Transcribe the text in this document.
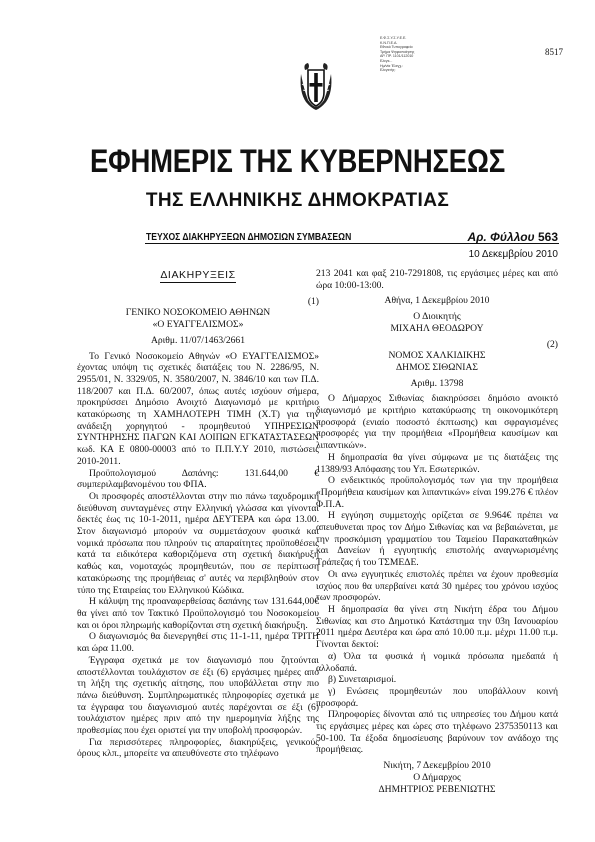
Ε.Φ.Σ.Υ.Σ.Υ.Ε.Ε.
Κ.Ν.Π.Ε.Α.
Εθνικό Τυπογραφείο
Τμήμα Ψηφιοποίησης
ΑΡ. ΠΡ. 1101/112010
Ελεγκ...
Ημ/νία Έλεγχ.:
Ελεγκτής:
8517
ΕΦΗΜΕΡΙΣ ΤΗΣ ΚΥΒΕΡΝΗΣΕΩΣ
ΤΗΣ ΕΛΛΗΝΙΚΗΣ ΔΗΜΟΚΡΑΤΙΑΣ
ΤΕΥΧΟΣ ΔΙΑΚΗΡΥΞΕΩΝ ΔΗΜΟΣΙΩΝ ΣΥΜΒΑΣΕΩΝ	Αρ. Φύλλου 563
10 Δεκεμβρίου 2010
ΔΙΑΚΗΡΥΞΕΙΣ

(1)

ΓΕΝΙΚΟ ΝΟΣΟΚΟΜΕΙΟ ΑΘΗΝΩΝ

«Ο ΕΥΑΓΓΕΛΙΣΜΟΣ»

Αριθμ. 11/07/1463/2661

Το Γενικό Νοσοκομείο Αθηνών «Ο ΕΥΑΓΓΕΛΙΣΜΟΣ» έχοντας υπόψη τις σχετικές διατάξεις του Ν. 2286/95, Ν. 2955/01, Ν. 3329/05, Ν. 3580/2007, Ν. 3846/10 και των Π.Δ. 118/2007 και Π.Δ. 60/2007, όπως αυτές ισχύουν σήμερα, προκηρύσσει Δημόσιο Ανοιχτό Διαγωνισμό με κριτήριο κατακύρωσης τη ΧΑΜΗΛΟΤΕΡΗ ΤΙΜΗ (Χ.Τ) για την ανάδειξη χορηγητού - προμηθευτού ΥΠΗΡΕΣΙΩΝ ΣΥΝΤΗΡΗΣΗΣ ΠΑΓΩΝ ΚΑΙ ΛΟΙΠΩΝ ΕΓΚΑΤΑΣΤΑΣΕΩΝ κωδ. ΚΑ Ε 0800-00003 από το Π.Π.Υ.Υ 2010, πιστώσεις 2010-2011.

Προϋπολογισμού Δαπάνης: 131.644,00 € συμπεριλαμβανομένου του ΦΠΑ.

Οι προσφορές αποστέλλονται στην πιο πάνω ταχυδρομική διεύθυνση συνταγμένες στην Ελληνική γλώσσα και γίνονται δεκτές έως τις 10-1-2011, ημέρα ΔΕΥΤΕΡΑ και ώρα 13.00. Στον διαγωνισμό μπορούν να συμμετάσχουν φυσικά και νομικά πρόσωπα που πληρούν τις απαραίτητες προϋποθέσεις κατά τα ειδικότερα καθοριζόμενα στη σχετική διακήρυξη καθώς και, νομοταχώς προμηθευτών, που σε περίπτωση κατακύρωσης της προμήθειας σ' αυτές να περιβληθούν στον τύπο της Εταιρείας του Ελληνικού Κώδικα.

Η κάλυψη της προαναφερθείσας δαπάνης των 131.644,00€ θα γίνει από τον Τακτικό Προϋπολογισμό του Νοσοκομείου και οι όροι πληρωμής καθορίζονται στη σχετική διακήρυξη.

Ο διαγωνισμός θα διενεργηθεί στις 11-1-11, ημέρα ΤΡΙΤΗ και ώρα 11.00.

Έγγραφα σχετικά με τον διαγωνισμό που ζητούνται αποστέλλονται τουλάχιστον σε έξι (6) εργάσιμες ημέρες από τη λήξη της σχετικής αίτησης, που υποβάλλεται στην πιο πάνω διεύθυνση. Συμπληρωματικές πληροφορίες σχετικά με τα έγγραφα του διαγωνισμού αυτές παρέχονται σε έξι (6) τουλάχιστον ημέρες πριν από την ημερομηνία λήξης της προθεσμίας που έχει οριστεί για την υποβολή προσφορών.

Για περισσότερες πληροφορίες, διακηρύξεις, γενικούς όρους κλπ., μπορείτε να απευθύνεστε στο τηλέφωνο

213 2041 και φαξ 210-7291808, τις εργάσιμες μέρες και από ώρα 10:00-13:00.

Αθήνα, 1 Δεκεμβρίου 2010

Ο Διοικητής

ΜΙΧΑΗΛ ΘΕΟΔΩΡΟΥ

(2)

ΝΟΜΟΣ ΧΑΛΚΙΔΙΚΗΣ

ΔΗΜΟΣ ΣΙΘΩΝΙΑΣ

Αριθμ. 13798

Ο Δήμαρχος Σιθωνίας διακηρύσσει δημόσιο ανοικτό διαγωνισμό με κριτήριο κατακύρωσης τη οικονομικότερη προσφορά (ενιαίο ποσοστό έκπτωσης) και σφραγισμένες προσφορές για την προμήθεια «Προμήθεια καυσίμων και λιπαντικών».

Η δημοπρασία θα γίνει σύμφωνα με τις διατάξεις της 11389/93 Απόφασης του Υπ. Εσωτερικών.

Ο ενδεικτικός προϋπολογισμός των για την προμήθεια «Προμήθεια καυσίμων και λιπαντικών» είναι 199.276 € πλέον Φ.Π.Α.

Η εγγύηση συμμετοχής ορίζεται σε 9.964€ πρέπει να απευθυνεται προς τον Δήμο Σιθωνίας και να βεβαιώνεται, με την προσκόμιση γραμματίου του Ταμείου Παρακαταθηκών και Δανείων ή εγγυητικής επιστολής αναγνωρισμένης Τράπεζας ή του ΤΣΜΕΔΕ.

Οι ανω εγγυητικές επιστολές πρέπει να έχουν προθεσμία ισχύος που θα υπερβαίνει κατά 30 ημέρες του χρόνου ισχύος των προσφορών.

Η δημοπρασία θα γίνει στη Νικήτη έδρα του Δήμου Σιθωνίας και στο Δημοτικό Κατάστημα την 03η Ιανουαρίου 2011 ημέρα Δευτέρα και ώρα από 10.00 π.μ. μέχρι 11.00 π.μ. Γίνονται δεκτοί:

α) Όλα τα φυσικά ή νομικά πρόσωπα ημεδαπά ή αλλοδαπά.

β) Συνεταιρισμοί.

γ) Ενώσεις προμηθευτών που υποβάλλουν κοινή προσφορά.

Πληροφορίες δίνονται από τις υπηρεσίες του Δήμου κατά τις εργάσιμες μέρες και ώρες στο τηλέφωνο 2375350113 και 50-100. Τα έξοδα δημοσίευσης βαρύνουν τον ανάδοχο της προμήθειας.

Νικήτη, 7 Δεκεμβρίου 2010

Ο Δήμαρχος

ΔΗΜΗΤΡΙΟΣ ΡΕΒΕΝΙΩΤΗΣ
